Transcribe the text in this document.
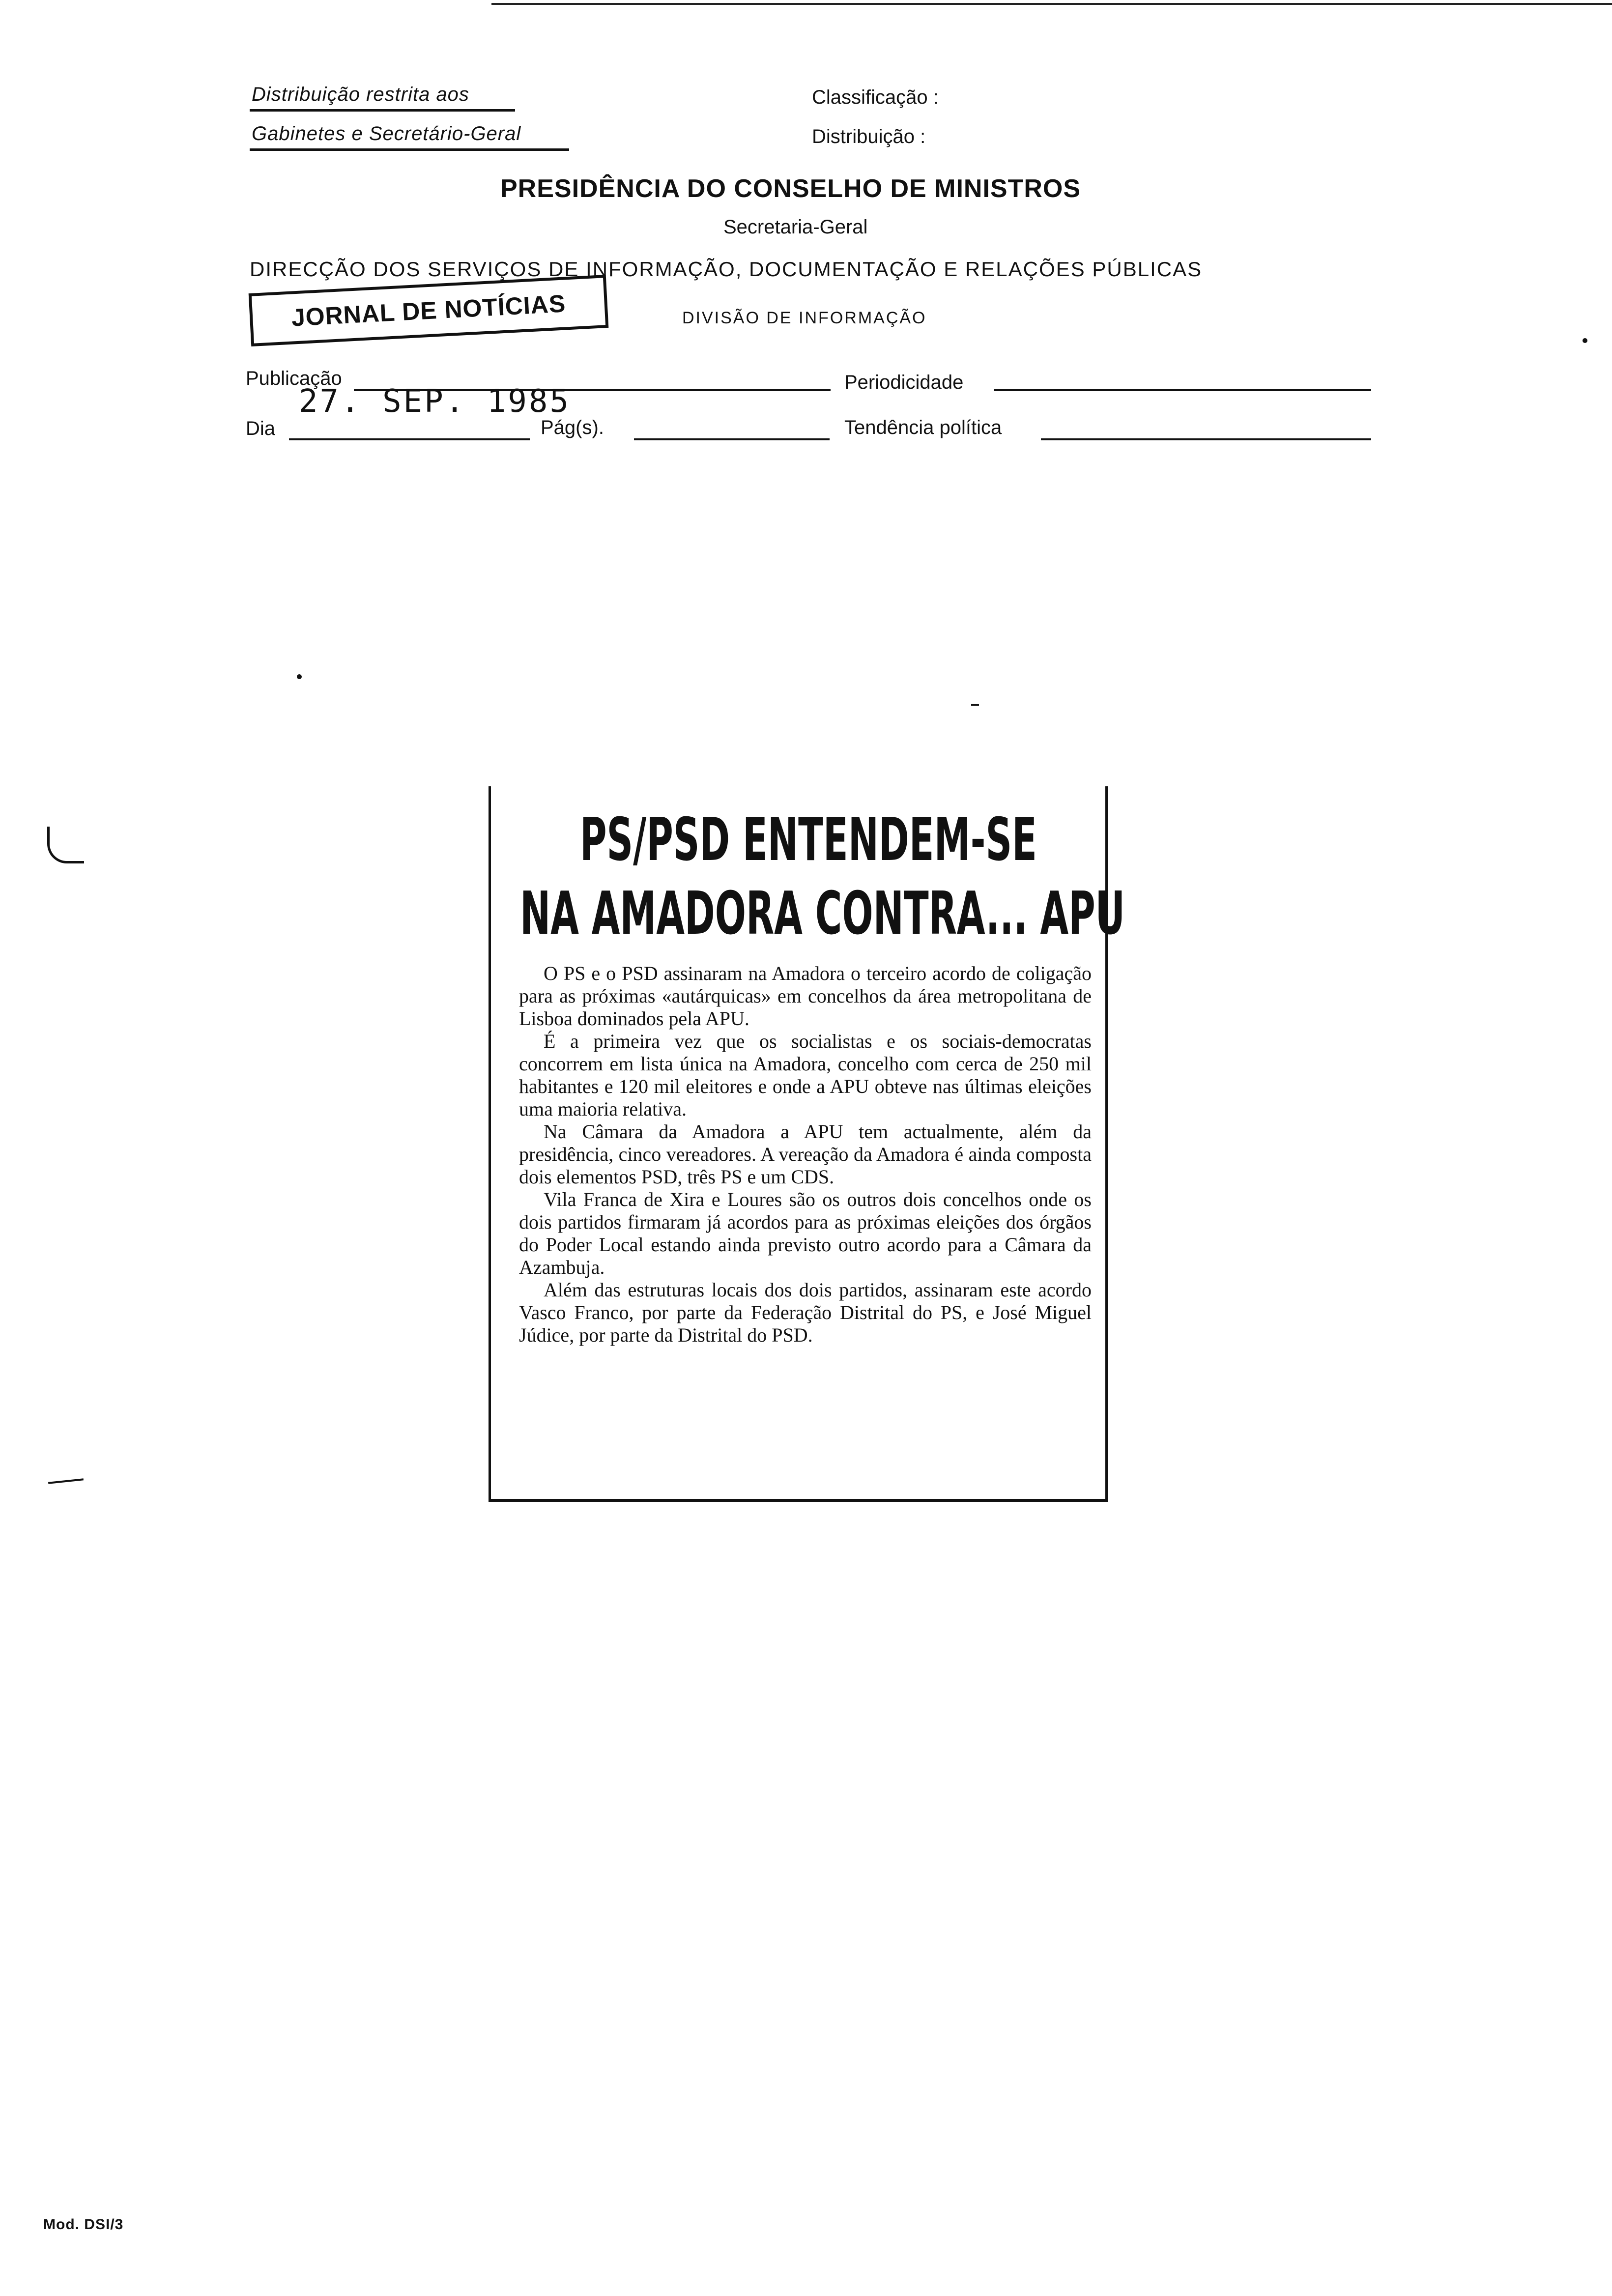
Distribuição restrita aos
Gabinetes e Secretário-Geral
Classificação :
Distribuição :
PRESIDÊNCIA DO CONSELHO DE MINISTROS
Secretaria-Geral
DIRECÇÃO DOS SERVIÇOS DE INFORMAÇÃO, DOCUMENTAÇÃO E RELAÇÕES PÚBLICAS
JORNAL DE NOTÍCIAS	DIVISÃO DE INFORMAÇÃO
Publicação	Periodicidade
27. SEP. 1985
Dia	Pág(s).	Tendência política
PS/PSD ENTENDEM-SE
NA AMADORA CONTRA... APU

O PS e o PSD assinaram na Amadora o terceiro acordo de coligação para as próximas «autárquicas» em concelhos da área metropolitana de Lisboa dominados pela APU.

É a primeira vez que os socialistas e os sociais-democratas concorrem em lista única na Amadora, concelho com cerca de 250 mil habitantes e 120 mil eleitores e onde a APU obteve nas últimas eleições uma maioria relativa.

Na Câmara da Amadora a APU tem actualmente, além da presidência, cinco vereadores. A vereação da Amadora é ainda composta dois elementos PSD, três PS e um CDS.

Vila Franca de Xira e Loures são os outros dois concelhos onde os dois partidos firmaram já acordos para as próximas eleições dos órgãos do Poder Local estando ainda previsto outro acordo para a Câmara da Azambuja.

Além das estruturas locais dos dois partidos, assinaram este acordo Vasco Franco, por parte da Federação Distrital do PS, e José Miguel Júdice, por parte da Distrital do PSD.

Mod. DSI/3
